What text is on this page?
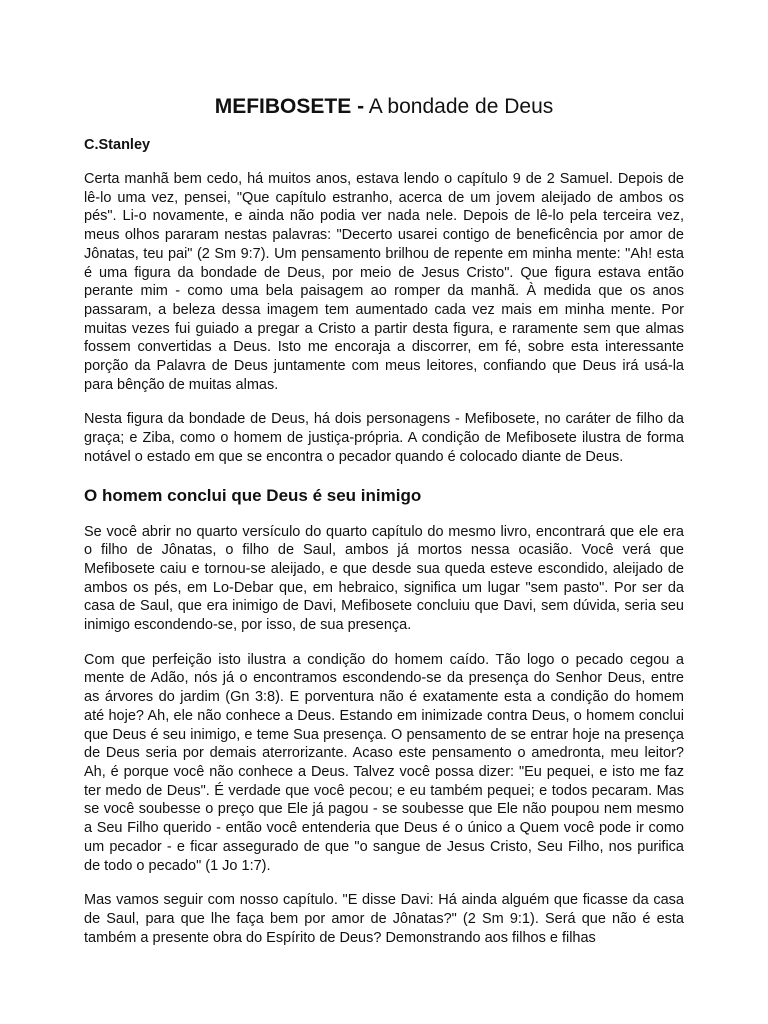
MEFIBOSETE - A bondade de Deus
C.Stanley

Certa manhã bem cedo, há muitos anos, estava lendo o capítulo 9 de 2 Samuel. Depois de lê-lo uma vez, pensei, "Que capítulo estranho, acerca de um jovem aleijado de ambos os pés". Li-o novamente, e ainda não podia ver nada nele. Depois de lê-lo pela terceira vez, meus olhos pararam nestas palavras: "Decerto usarei contigo de beneficência por amor de Jônatas, teu pai" (2 Sm 9:7). Um pensamento brilhou de repente em minha mente: "Ah! esta é uma figura da bondade de Deus, por meio de Jesus Cristo". Que figura estava então perante mim - como uma bela paisagem ao romper da manhã. À medida que os anos passaram, a beleza dessa imagem tem aumentado cada vez mais em minha mente. Por muitas vezes fui guiado a pregar a Cristo a partir desta figura, e raramente sem que almas fossem convertidas a Deus. Isto me encoraja a discorrer, em fé, sobre esta interessante porção da Palavra de Deus juntamente com meus leitores, confiando que Deus irá usá-la para bênção de muitas almas.

Nesta figura da bondade de Deus, há dois personagens - Mefibosete, no caráter de filho da graça; e Ziba, como o homem de justiça-própria. A condição de Mefibosete ilustra de forma notável o estado em que se encontra o pecador quando é colocado diante de Deus.

O homem conclui que Deus é seu inimigo

Se você abrir no quarto versículo do quarto capítulo do mesmo livro, encontrará que ele era o filho de Jônatas, o filho de Saul, ambos já mortos nessa ocasião. Você verá que Mefibosete caiu e tornou-se aleijado, e que desde sua queda esteve escondido, aleijado de ambos os pés, em Lo-Debar que, em hebraico, significa um lugar "sem pasto". Por ser da casa de Saul, que era inimigo de Davi, Mefibosete concluiu que Davi, sem dúvida, seria seu inimigo escondendo-se, por isso, de sua presença.

Com que perfeição isto ilustra a condição do homem caído. Tão logo o pecado cegou a mente de Adão, nós já o encontramos escondendo-se da presença do Senhor Deus, entre as árvores do jardim (Gn 3:8). E porventura não é exatamente esta a condição do homem até hoje? Ah, ele não conhece a Deus. Estando em inimizade contra Deus, o homem conclui que Deus é seu inimigo, e teme Sua presença. O pensamento de se entrar hoje na presença de Deus seria por demais aterrorizante. Acaso este pensamento o amedronta, meu leitor? Ah, é porque você não conhece a Deus. Talvez você possa dizer: "Eu pequei, e isto me faz ter medo de Deus". É verdade que você pecou; e eu também pequei; e todos pecaram. Mas se você soubesse o preço que Ele já pagou - se soubesse que Ele não poupou nem mesmo a Seu Filho querido - então você entenderia que Deus é o único a Quem você pode ir como um pecador - e ficar assegurado de que "o sangue de Jesus Cristo, Seu Filho, nos purifica de todo o pecado" (1 Jo 1:7).

Mas vamos seguir com nosso capítulo. "E disse Davi: Há ainda alguém que ficasse da casa de Saul, para que lhe faça bem por amor de Jônatas?" (2 Sm 9:1). Será que não é esta também a presente obra do Espírito de Deus? Demonstrando aos filhos e filhas
